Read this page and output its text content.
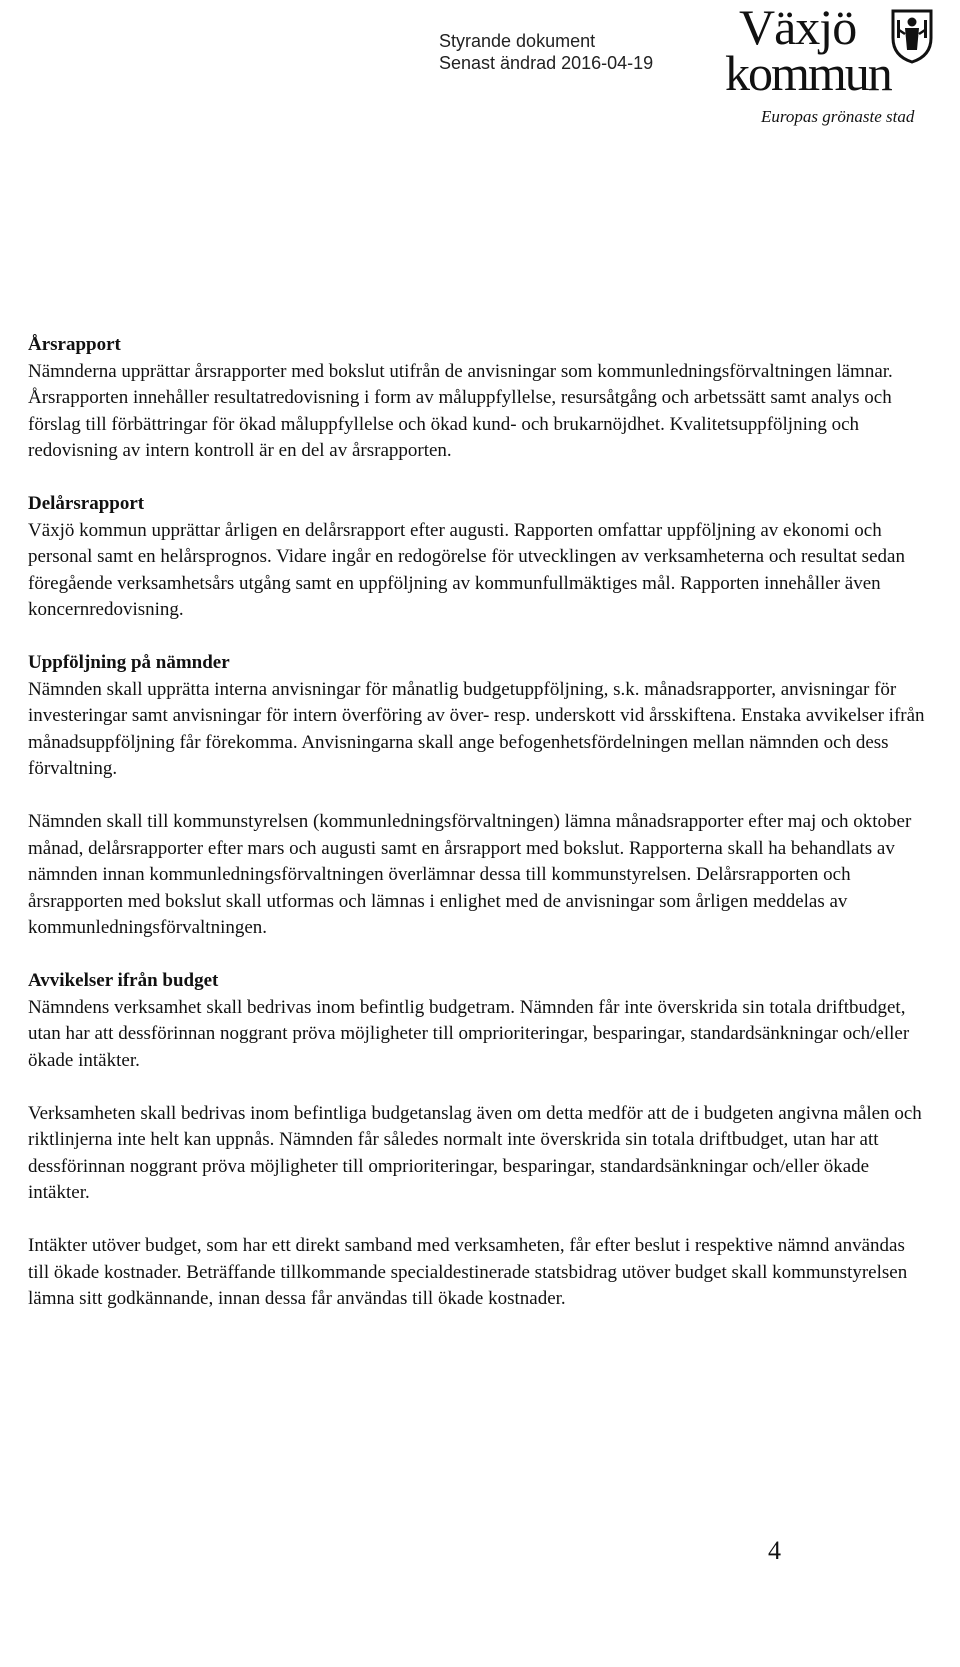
Styrande dokument
Senast ändrad 2016-04-19
Växjö
kommun
Europas grönaste stad
Årsrapport

Nämnderna upprättar årsrapporter med bokslut utifrån de anvisningar som kommunledningsförvaltningen lämnar. Årsrapporten innehåller resultatredovisning i form av måluppfyllelse, resursåtgång och arbetssätt samt analys och förslag till förbättringar för ökad måluppfyllelse och ökad kund- och brukarnöjdhet. Kvalitetsuppföljning och redovisning av intern kontroll är en del av årsrapporten.

Delårsrapport

Växjö kommun upprättar årligen en delårsrapport efter augusti. Rapporten omfattar uppföljning av ekonomi och personal samt en helårsprognos. Vidare ingår en redogörelse för utvecklingen av verksamheterna och resultat sedan föregående verksamhetsårs utgång samt en uppföljning av kommunfullmäktiges mål. Rapporten innehåller även koncernredovisning.

Uppföljning på nämnder

Nämnden skall upprätta interna anvisningar för månatlig budgetuppföljning, s.k. månadsrapporter, anvisningar för investeringar samt anvisningar för intern överföring av över- resp. underskott vid årsskiftena. Enstaka avvikelser ifrån månadsuppföljning får förekomma. Anvisningarna skall ange befogenhetsfördelningen mellan nämnden och dess förvaltning.

Nämnden skall till kommunstyrelsen (kommunledningsförvaltningen) lämna månadsrapporter efter maj och oktober månad, delårsrapporter efter mars och augusti samt en årsrapport med bokslut. Rapporterna skall ha behandlats av nämnden innan kommunledningsförvaltningen överlämnar dessa till kommunstyrelsen. Delårsrapporten och årsrapporten med bokslut skall utformas och lämnas i enlighet med de anvisningar som årligen meddelas av kommunledningsförvaltningen.

Avvikelser ifrån budget

Nämndens verksamhet skall bedrivas inom befintlig budgetram. Nämnden får inte överskrida sin totala driftbudget, utan har att dessförinnan noggrant pröva möjligheter till omprioriteringar, besparingar, standardsänkningar och/eller ökade intäkter.

Verksamheten skall bedrivas inom befintliga budgetanslag även om detta medför att de i budgeten angivna målen och riktlinjerna inte helt kan uppnås. Nämnden får således normalt inte överskrida sin totala driftbudget, utan har att dessförinnan noggrant pröva möjligheter till omprioriteringar, besparingar, standardsänkningar och/eller ökade intäkter.

Intäkter utöver budget, som har ett direkt samband med verksamheten, får efter beslut i respektive nämnd användas till ökade kostnader. Beträffande tillkommande specialdestinerade statsbidrag utöver budget skall kommunstyrelsen lämna sitt godkännande, innan dessa får användas till ökade kostnader.

4
